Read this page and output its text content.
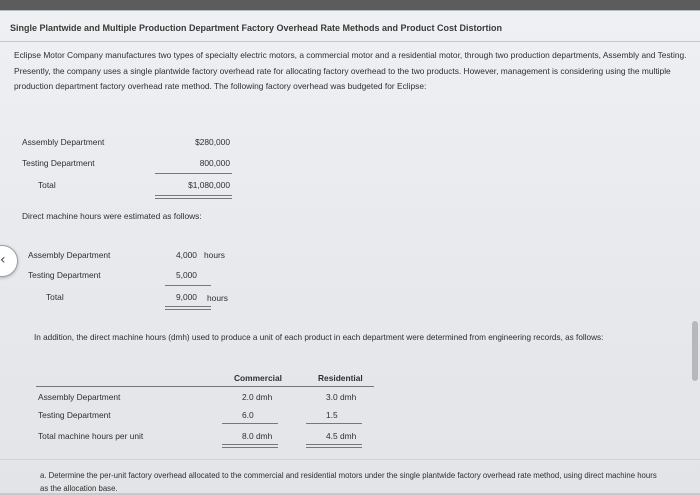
Single Plantwide and Multiple Production Department Factory Overhead Rate Methods and Product Cost Distortion
Eclipse Motor Company manufactures two types of specialty electric motors, a commercial motor and a residential motor, through two production departments, Assembly and Testing. Presently, the company uses a single plantwide factory overhead rate for allocating factory overhead to the two products. However, management is considering using the multiple production department factory overhead rate method. The following factory overhead was budgeted for Eclipse:
Assembly Department	$280,000
Testing Department	800,000
Total	$1,080,000
Direct machine hours were estimated as follows:
‹	Assembly Department	4,000 hours
Testing Department	5,000
Total	9,000 hours
In addition, the direct machine hours (dmh) used to produce a unit of each product in each department were determined from engineering records, as follows:
Commercial	Residential
Assembly Department	2.0 dmh	3.0 dmh
Testing Department	6.0	1.5
Total machine hours per unit	8.0 dmh	4.5 dmh
a. Determine the per-unit factory overhead allocated to the commercial and residential motors under the single plantwide factory overhead rate method, using direct machine hours as the allocation base.
